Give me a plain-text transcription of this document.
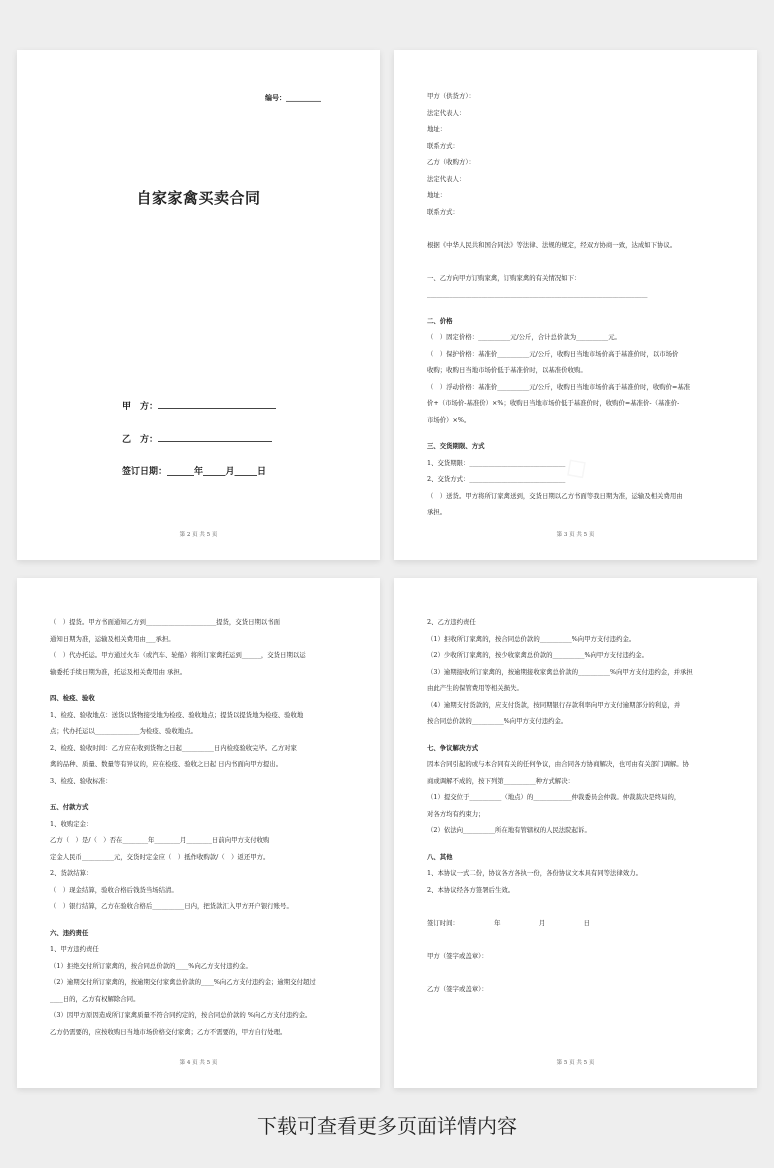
编号：__________
自家家禽买卖合同
甲　方：
乙　方：
签订日期：______年_____月_____日
第 2 页 共 5 页
甲方（供货方）：
法定代表人：
地址：
联系方式：
乙方（收购方）：
法定代表人：
地址：
联系方式：

根据《中华人民共和国合同法》等法律、法规的规定，经双方协商一致，达成如下协议。

一、乙方向甲方订购家禽，订购家禽的有关情况如下：
_____________________________________________________________________
二、价格
（　）固定价格：__________元/公斤，合计总价款为__________元。
（　）保护价格：基准价__________元/公斤，收购日当地市场价高于基准价时，以市场价
收购；收购日当地市场价低于基准价时，以基准价收购。
（　）浮动价格：基准价__________元/公斤，收购日当地市场价高于基准价时，收购价=基准
价+（市场价-基准价）×%；收购日当地市场价低于基准价时，收购价=基准价-（基准价-
市场价）×%。
三、交货期限、方式
1、交货期限：______________________________
2、交货方式：______________________________
（　）送货。甲方将所订家禽送到，交货日期以乙方书面等我日期为准，运输及相关费用由
承担。
第 3 页 共 5 页
（　）提货。甲方书面通知乙方到______________________提货，交货日期以书面
通知日期为准，运输及相关费用由___承担。
（　）代办托运。甲方通过火车（或汽车、轮船）将所订家禽托运到______，交货日期以运
输委托手续日期为准，托运及相关费用由 承担。
四、检疫、验收
1、检疫、验收地点：送货以货物接受地为检疫、验收地点；提货以提货地为检疫、验收地
点；代办托运以______________为检疫、验收地点。
2、检疫、验收时间：乙方应在收到货物之日起__________日内检疫验收完毕。乙方对家
禽的品种、质量、数量等有异议的，应在检疫、验收之日起 日内书面向甲方提出。
3、检疫、验收标准：
五、付款方式
1、收购定金：
乙方（　）是/（　）否在________年________月________日前向甲方支付收购
定金人民币__________元，交货时定金应（　）抵作收购款/（　）返还甲方。
2、货款结算：
（　）现金结算，验收合格后钱货当场结清。
（　）银行结算，乙方在验收合格后__________日内，把货款汇入甲方开户银行账号。
六、违约责任
1、甲方违约责任
（1）拒绝交付所订家禽的，按合同总价款的____%向乙方支付违约金。
（2）逾期交付所订家禽的，按逾期交付家禽总价款的____%向乙方支付违约金；逾期交付超过
____日的，乙方有权解除合同。
（3）因甲方原因造成所订家禽质量不符合同约定的，按合同总价款的 %向乙方支付违约金。
乙方仍需要的，应按收购日当地市场价格交付家禽；乙方不需要的，甲方自行处理。
第 4 页 共 5 页
2、乙方违约责任
（1）拒收所订家禽的，按合同总价款的__________%向甲方支付违约金。
（2）少收所订家禽的，按少收家禽总价款的__________%向甲方支付违约金。
（3）逾期接收所订家禽的，按逾期接收家禽总价款的__________%向甲方支付违约金，并承担
由此产生的保管费用等相关损失。
（4）逾期支付货款的，应支付货款，按同期银行存款利率向甲方支付逾期部分的利息，并
按合同总价款的__________%向甲方支付违约金。
七、争议解决方式
因本合同引起的或与本合同有关的任何争议，由合同各方协商解决，也可由有关部门调解。协
商或调解不成的，按下列第__________种方式解决：
（1）提交位于__________（地点）的____________仲裁委员会仲裁。仲裁裁决是终局的，
对各方均有约束力；
（2）依法向__________所在地有管辖权的人民法院起诉。
八、其他
1、本协议一式二份，协议各方各执一份，各份协议文本具有同等法律效力。
2、本协议经各方签署后生效。

签订时间：　　　　　　年　　　　　　月　　　　　　日

甲方（签字或盖章）：

乙方（签字或盖章）：
第 5 页 共 5 页
下载可查看更多页面详情内容
